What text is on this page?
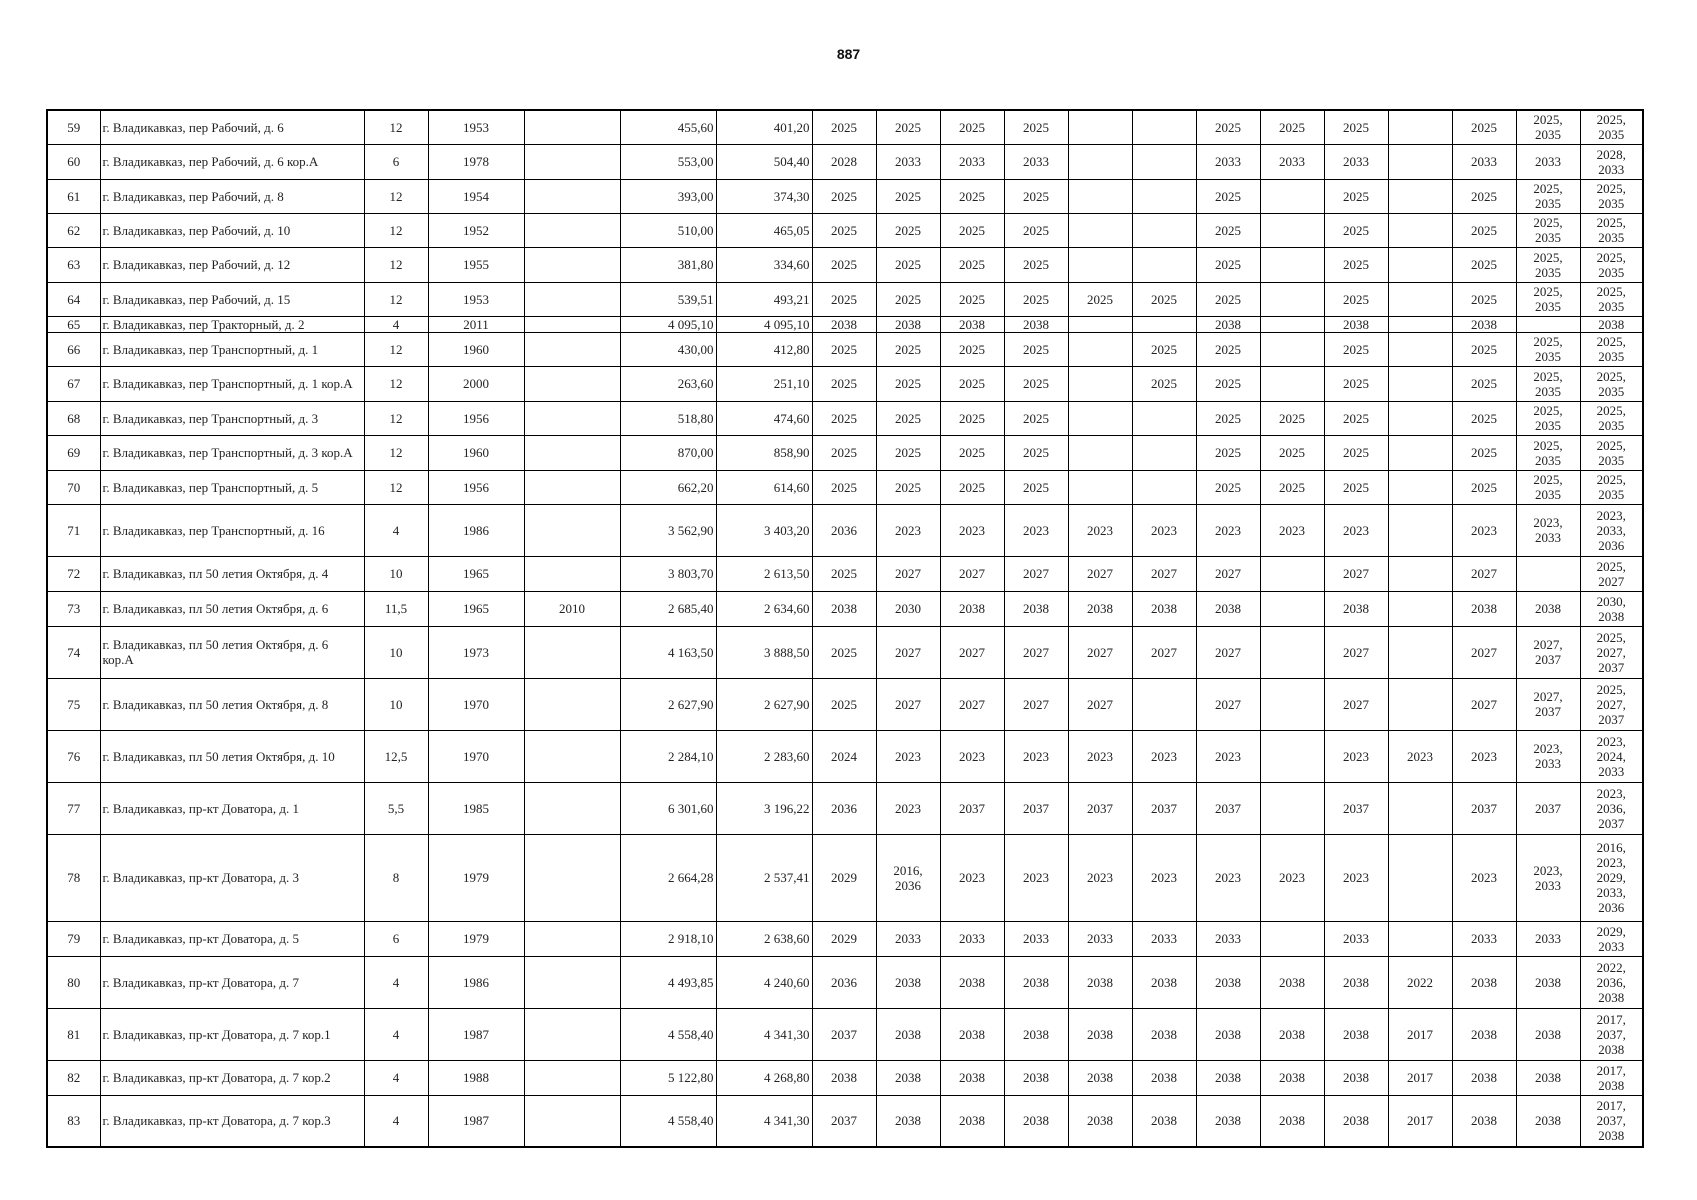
887
59	г. Владикавказ, пер Рабочий, д. 6	12	1953		455,60	401,20	2025	2025	2025	2025			2025	2025	2025		2025	2025,
2035	2025,
2035
60	г. Владикавказ, пер Рабочий, д. 6 кор.А	6	1978		553,00	504,40	2028	2033	2033	2033			2033	2033	2033		2033	2033	2028,
2033
61	г. Владикавказ, пер Рабочий, д. 8	12	1954		393,00	374,30	2025	2025	2025	2025			2025		2025		2025	2025,
2035	2025,
2035
62	г. Владикавказ, пер Рабочий, д. 10	12	1952		510,00	465,05	2025	2025	2025	2025			2025		2025		2025	2025,
2035	2025,
2035
63	г. Владикавказ, пер Рабочий, д. 12	12	1955		381,80	334,60	2025	2025	2025	2025			2025		2025		2025	2025,
2035	2025,
2035
64	г. Владикавказ, пер Рабочий, д. 15	12	1953		539,51	493,21	2025	2025	2025	2025	2025	2025	2025		2025		2025	2025,
2035	2025,
2035
65	г. Владикавказ, пер Тракторный, д. 2	4	2011		4 095,10	4 095,10	2038	2038	2038	2038			2038		2038		2038		2038
66	г. Владикавказ, пер Транспортный, д. 1	12	1960		430,00	412,80	2025	2025	2025	2025		2025	2025		2025		2025	2025,
2035	2025,
2035
67	г. Владикавказ, пер Транспортный, д. 1 кор.А	12	2000		263,60	251,10	2025	2025	2025	2025		2025	2025		2025		2025	2025,
2035	2025,
2035
68	г. Владикавказ, пер Транспортный, д. 3	12	1956		518,80	474,60	2025	2025	2025	2025			2025	2025	2025		2025	2025,
2035	2025,
2035
69	г. Владикавказ, пер Транспортный, д. 3 кор.А	12	1960		870,00	858,90	2025	2025	2025	2025			2025	2025	2025		2025	2025,
2035	2025,
2035
70	г. Владикавказ, пер Транспортный, д. 5	12	1956		662,20	614,60	2025	2025	2025	2025			2025	2025	2025		2025	2025,
2035	2025,
2035
71	г. Владикавказ, пер Транспортный, д. 16	4	1986		3 562,90	3 403,20	2036	2023	2023	2023	2023	2023	2023	2023	2023		2023	2023,
2033	2023,
2033,
2036
72	г. Владикавказ, пл 50 летия Октября, д. 4	10	1965		3 803,70	2 613,50	2025	2027	2027	2027	2027	2027	2027		2027		2027		2025,
2027
73	г. Владикавказ, пл 50 летия Октября, д. 6	11,5	1965	2010	2 685,40	2 634,60	2038	2030	2038	2038	2038	2038	2038		2038		2038	2038	2030,
2038
74	г. Владикавказ, пл 50 летия Октября, д. 6 кор.А	10	1973		4 163,50	3 888,50	2025	2027	2027	2027	2027	2027	2027		2027		2027	2027,
2037	2025,
2027,
2037
75	г. Владикавказ, пл 50 летия Октября, д. 8	10	1970		2 627,90	2 627,90	2025	2027	2027	2027	2027		2027		2027		2027	2027,
2037	2025,
2027,
2037
76	г. Владикавказ, пл 50 летия Октября, д. 10	12,5	1970		2 284,10	2 283,60	2024	2023	2023	2023	2023	2023	2023		2023	2023	2023	2023,
2033	2023,
2024,
2033
77	г. Владикавказ, пр-кт Доватора, д. 1	5,5	1985		6 301,60	3 196,22	2036	2023	2037	2037	2037	2037	2037		2037		2037	2037	2023,
2036,
2037
78	г. Владикавказ, пр-кт Доватора, д. 3	8	1979		2 664,28	2 537,41	2029	2016,
2036	2023	2023	2023	2023	2023	2023	2023		2023	2023,
2033	2016,
2023,
2029,
2033,
2036
79	г. Владикавказ, пр-кт Доватора, д. 5	6	1979		2 918,10	2 638,60	2029	2033	2033	2033	2033	2033	2033		2033		2033	2033	2029,
2033
80	г. Владикавказ, пр-кт Доватора, д. 7	4	1986		4 493,85	4 240,60	2036	2038	2038	2038	2038	2038	2038	2038	2038	2022	2038	2038	2022,
2036,
2038
81	г. Владикавказ, пр-кт Доватора, д. 7 кор.1	4	1987		4 558,40	4 341,30	2037	2038	2038	2038	2038	2038	2038	2038	2038	2017	2038	2038	2017,
2037,
2038
82	г. Владикавказ, пр-кт Доватора, д. 7 кор.2	4	1988		5 122,80	4 268,80	2038	2038	2038	2038	2038	2038	2038	2038	2038	2017	2038	2038	2017,
2038
83	г. Владикавказ, пр-кт Доватора, д. 7 кор.3	4	1987		4 558,40	4 341,30	2037	2038	2038	2038	2038	2038	2038	2038	2038	2017	2038	2038	2017,
2037,
2038
